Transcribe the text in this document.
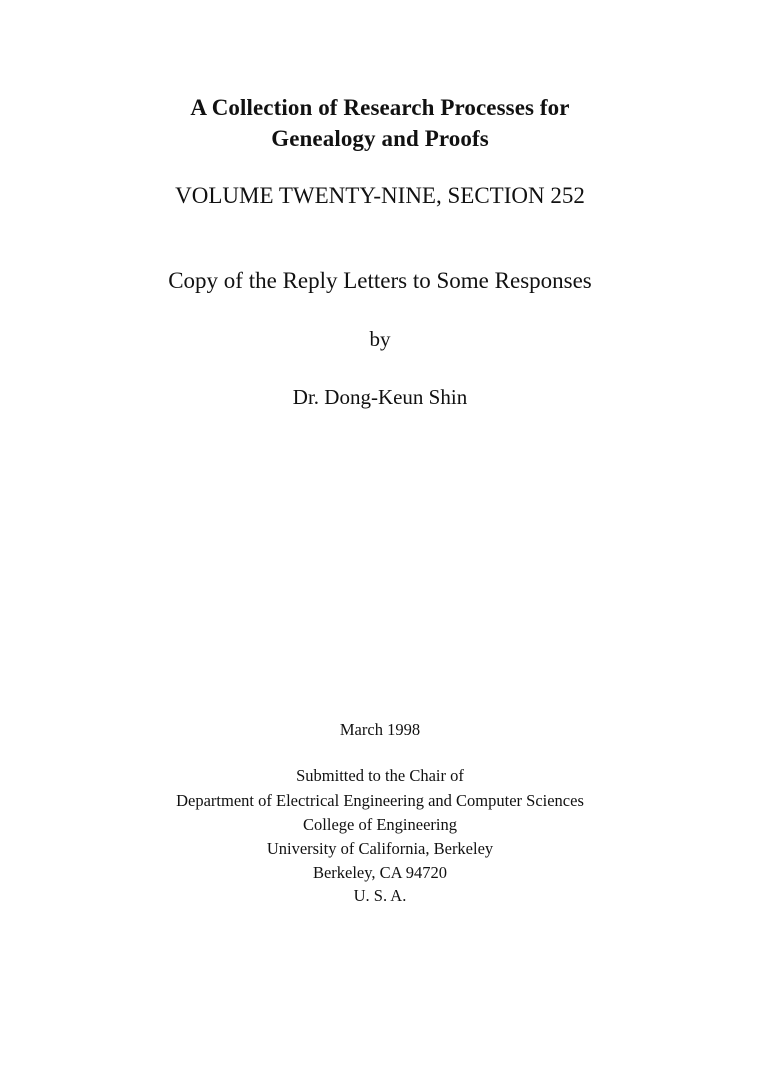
A Collection of Research Processes for
Genealogy and Proofs
VOLUME TWENTY-NINE, SECTION 252
Copy of the Reply Letters to Some Responses
by
Dr. Dong-Keun Shin
March 1998
Submitted to the Chair of
Department of Electrical Engineering and Computer Sciences
College of Engineering
University of California, Berkeley
Berkeley, CA 94720
U. S. A.
